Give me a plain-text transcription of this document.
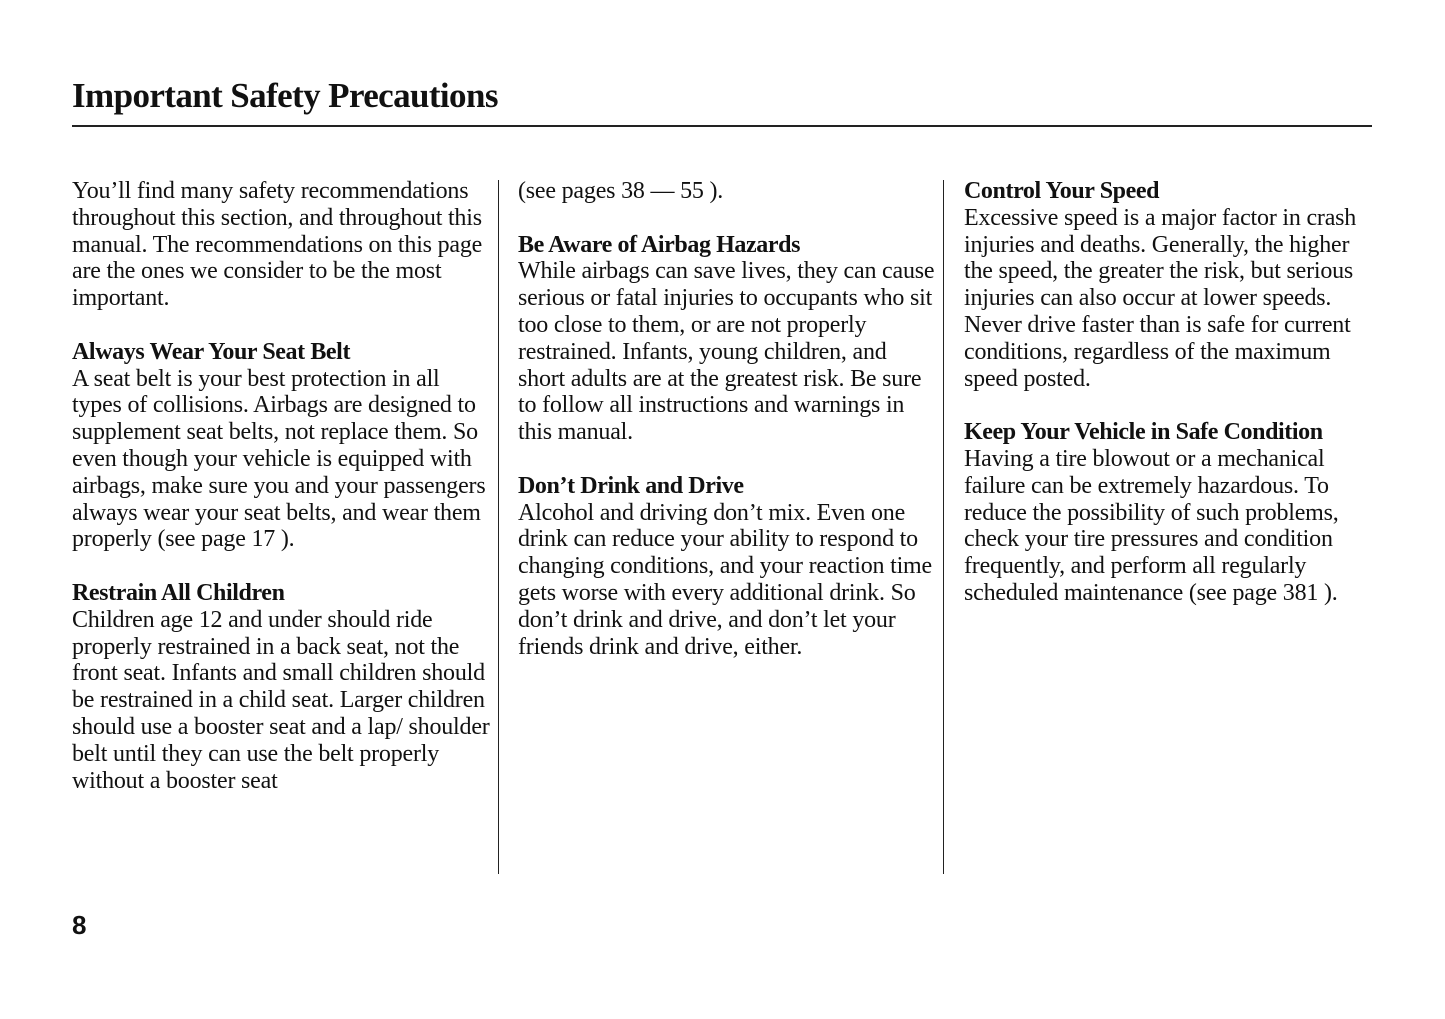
Important Safety Precautions

You’ll find many safety recommendations throughout this section, and throughout this manual. The recommendations on this page are the ones we consider to be the most important.

Always Wear Your Seat Belt

A seat belt is your best protection in all types of collisions. Airbags are designed to supplement seat belts, not replace them. So even though your vehicle is equipped with airbags, make sure you and your passengers always wear your seat belts, and wear them properly (see page 17 ).

Restrain All Children

Children age 12 and under should ride properly restrained in a back seat, not the front seat. Infants and small children should be restrained in a child seat. Larger children should use a booster seat and a lap/ shoulder belt until they can use the belt properly without a booster seat

(see pages 38 — 55 ).

Be Aware of Airbag Hazards

While airbags can save lives, they can cause serious or fatal injuries to occupants who sit too close to them, or are not properly restrained. Infants, young children, and short adults are at the greatest risk. Be sure to follow all instructions and warnings in this manual.

Don’t Drink and Drive

Alcohol and driving don’t mix. Even one drink can reduce your ability to respond to changing conditions, and your reaction time gets worse with every additional drink. So don’t drink and drive, and don’t let your friends drink and drive, either.

Control Your Speed

Excessive speed is a major factor in crash injuries and deaths. Generally, the higher the speed, the greater the risk, but serious injuries can also occur at lower speeds. Never drive faster than is safe for current conditions, regardless of the maximum speed posted.

Keep Your Vehicle in Safe Condition

Having a tire blowout or a mechanical failure can be extremely hazardous. To reduce the possibility of such problems, check your tire pressures and condition frequently, and perform all regularly scheduled maintenance (see page 381 ).

8
